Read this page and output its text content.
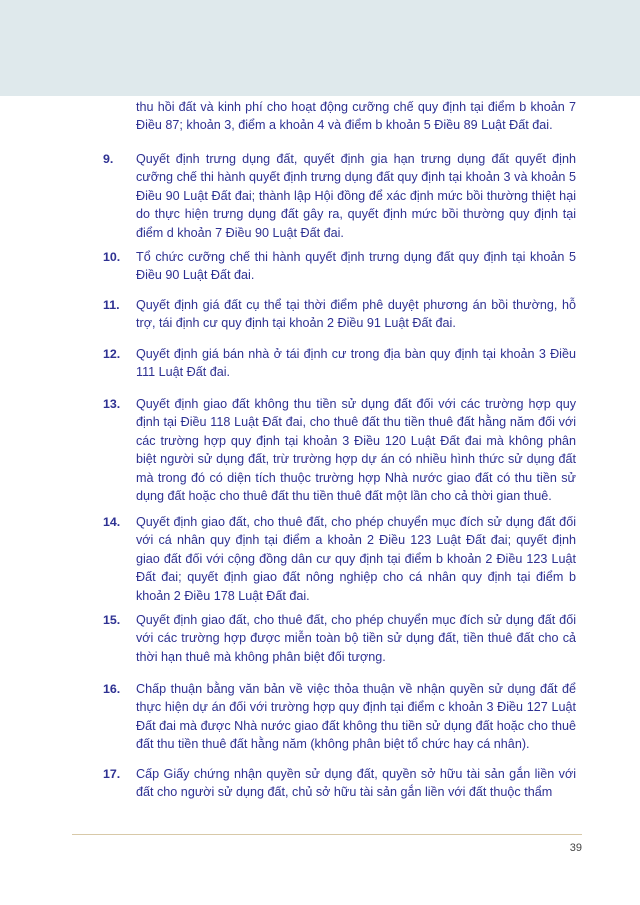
thu hồi đất và kinh phí cho hoạt động cưỡng chế quy định tại điểm b khoản 7 Điều 87; khoản 3, điểm a khoản 4 và điểm b khoản 5 Điều 89 Luật Đất đai.
9. Quyết định trưng dụng đất, quyết định gia hạn trưng dụng đất quyết định cưỡng chế thi hành quyết định trưng dụng đất quy định tại khoản 3 và khoản 5 Điều 90 Luật Đất đai; thành lập Hội đồng để xác định mức bồi thường thiệt hại do thực hiện trưng dụng đất gây ra, quyết định mức bồi thường quy định tại điểm d khoản 7 Điều 90 Luật Đất đai.
10. Tổ chức cưỡng chế thi hành quyết định trưng dụng đất quy định tại khoản 5 Điều 90 Luật Đất đai.
11. Quyết định giá đất cụ thể tại thời điểm phê duyệt phương án bồi thường, hỗ trợ, tái định cư quy định tại khoản 2 Điều 91 Luật Đất đai.
12. Quyết định giá bán nhà ở tái định cư trong địa bàn quy định tại khoản 3 Điều 111 Luật Đất đai.
13. Quyết định giao đất không thu tiền sử dụng đất đối với các trường hợp quy định tại Điều 118 Luật Đất đai, cho thuê đất thu tiền thuê đất hằng năm đối với các trường hợp quy định tại khoản 3 Điều 120 Luật Đất đai mà không phân biệt người sử dụng đất, trừ trường hợp dự án có nhiều hình thức sử dụng đất mà trong đó có diện tích thuộc trường hợp Nhà nước giao đất có thu tiền sử dụng đất hoặc cho thuê đất thu tiền thuê đất một lần cho cả thời gian thuê.
14. Quyết định giao đất, cho thuê đất, cho phép chuyển mục đích sử dụng đất đối với cá nhân quy định tại điểm a khoản 2 Điều 123 Luật Đất đai; quyết định giao đất đối với cộng đồng dân cư quy định tại điểm b khoản 2 Điều 123 Luật Đất đai; quyết định giao đất nông nghiệp cho cá nhân quy định tại điểm b khoản 2 Điều 178 Luật Đất đai.
15. Quyết định giao đất, cho thuê đất, cho phép chuyển mục đích sử dụng đất đối với các trường hợp được miễn toàn bộ tiền sử dụng đất, tiền thuê đất cho cả thời hạn thuê mà không phân biệt đối tượng.
16. Chấp thuận bằng văn bản về việc thỏa thuận về nhận quyền sử dụng đất để thực hiện dự án đối với trường hợp quy định tại điểm c khoản 3 Điều 127 Luật Đất đai mà được Nhà nước giao đất không thu tiền sử dụng đất hoặc cho thuê đất thu tiền thuê đất hằng năm (không phân biệt tổ chức hay cá nhân).
17. Cấp Giấy chứng nhận quyền sử dụng đất, quyền sở hữu tài sản gắn liền với đất cho người sử dụng đất, chủ sở hữu tài sản gắn liền với đất thuộc thẩm
39
